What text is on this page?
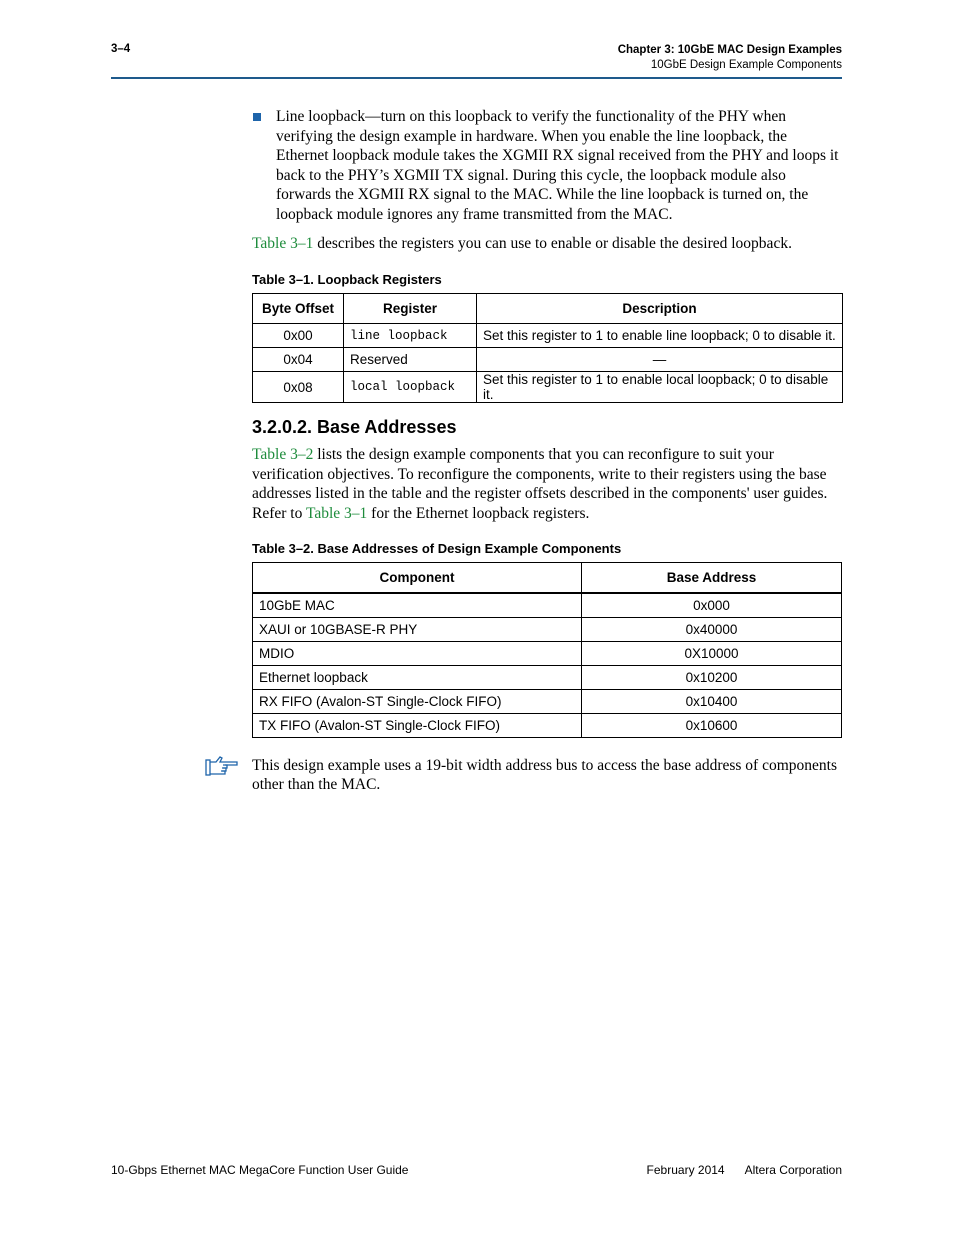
3–4	Chapter 3: 10GbE MAC Design Examples
10GbE Design Example Components
Line loopback—turn on this loopback to verify the functionality of the PHY when verifying the design example in hardware. When you enable the line loopback, the Ethernet loopback module takes the XGMII RX signal received from the PHY and loops it back to the PHY’s XGMII TX signal. During this cycle, the loopback module also forwards the XGMII RX signal to the MAC. While the line loopback is turned on, the loopback module ignores any frame transmitted from the MAC.

Table 3–1 describes the registers you can use to enable or disable the desired loopback.

Table 3–1. Loopback Registers
Byte Offset	Register	Description
0x00	line loopback	Set this register to 1 to enable line loopback; 0 to disable it.
0x04	Reserved	—
0x08	local loopback	Set this register to 1 to enable local loopback; 0 to disable it.
3.2.0.2. Base Addresses

Table 3–2 lists the design example components that you can reconfigure to suit your verification objectives. To reconfigure the components, write to their registers using the base addresses listed in the table and the register offsets described in the components' user guides. Refer to Table 3–1 for the Ethernet loopback registers.

Table 3–2. Base Addresses of Design Example Components
Component	Base Address
10GbE MAC	0x000
XAUI or 10GBASE-R PHY	0x40000
MDIO	0X10000
Ethernet loopback	0x10200
RX FIFO (Avalon-ST Single-Clock FIFO)	0x10400
TX FIFO (Avalon-ST Single-Clock FIFO)	0x10600

This design example uses a 19-bit width address bus to access the base address of components other than the MAC.

10-Gbps Ethernet MAC MegaCore Function User Guide	February 2014 Altera Corporation
